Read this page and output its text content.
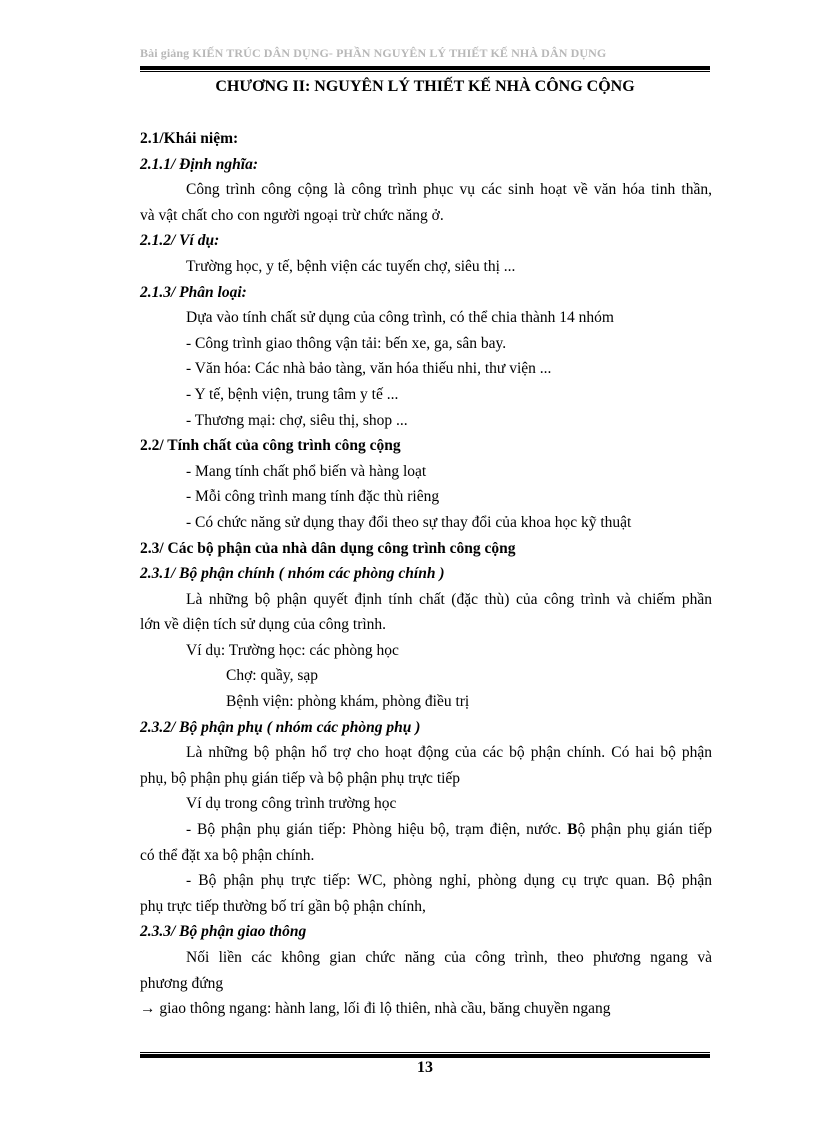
Bài giảng KIẾN TRÚC DÂN DỤNG- PHẦN NGUYÊN LÝ THIẾT KẾ NHÀ DÂN DỤNG
CHƯƠNG II: NGUYÊN LÝ THIẾT KẾ NHÀ CÔNG CỘNG
2.1/Khái niệm:
2.1.1/ Định nghĩa:
Công trình công cộng là công trình phục vụ các sinh hoạt về văn hóa tinh thần,
và vật chất cho con người ngoại trừ chức năng ở.
2.1.2/ Ví dụ:
Trường học, y tế, bệnh viện các tuyến chợ, siêu thị ...
2.1.3/ Phân loại:
Dựa vào tính chất sử dụng của công trình, có thể chia thành 14 nhóm
- Công trình giao thông vận tải: bến xe, ga, sân bay.
- Văn hóa: Các nhà bảo tàng, văn hóa thiếu nhi, thư viện ...
- Y tế, bệnh viện, trung tâm y tế ...
- Thương mại: chợ, siêu thị, shop ...
2.2/ Tính chất của công trình công cộng
- Mang tính chất phổ biến và hàng loạt
- Mỗi công trình mang tính đặc thù riêng
- Có chức năng sử dụng thay đổi theo sự thay đổi của khoa học kỹ thuật
2.3/ Các bộ phận của nhà dân dụng công trình công cộng
2.3.1/ Bộ phận chính ( nhóm các phòng chính )
Là những bộ phận quyết định tính chất (đặc thù) của công trình và chiếm phần
lớn về diện tích sử dụng của công trình.
Ví dụ: Trường học: các phòng học
Chợ: quầy, sạp
Bệnh viện: phòng khám, phòng điều trị
2.3.2/ Bộ phận phụ ( nhóm các phòng phụ )
Là những bộ phận hổ trợ cho hoạt động của các bộ phận chính. Có hai bộ phận
phụ, bộ phận phụ gián tiếp và bộ phận phụ trực tiếp
Ví dụ trong công trình trường học
- Bộ phận phụ gián tiếp: Phòng hiệu bộ, trạm điện, nước. Bộ phận phụ gián tiếp
có thể đặt xa bộ phận chính.
- Bộ phận phụ trực tiếp: WC, phòng nghỉ, phòng dụng cụ trực quan. Bộ phận
phụ trực tiếp thường bố trí gần bộ phận chính,
2.3.3/ Bộ phận giao thông
Nối liền các không gian chức năng của công trình, theo phương ngang và
phương đứng
→ giao thông ngang: hành lang, lối đi lộ thiên, nhà cầu, băng chuyền ngang
13
